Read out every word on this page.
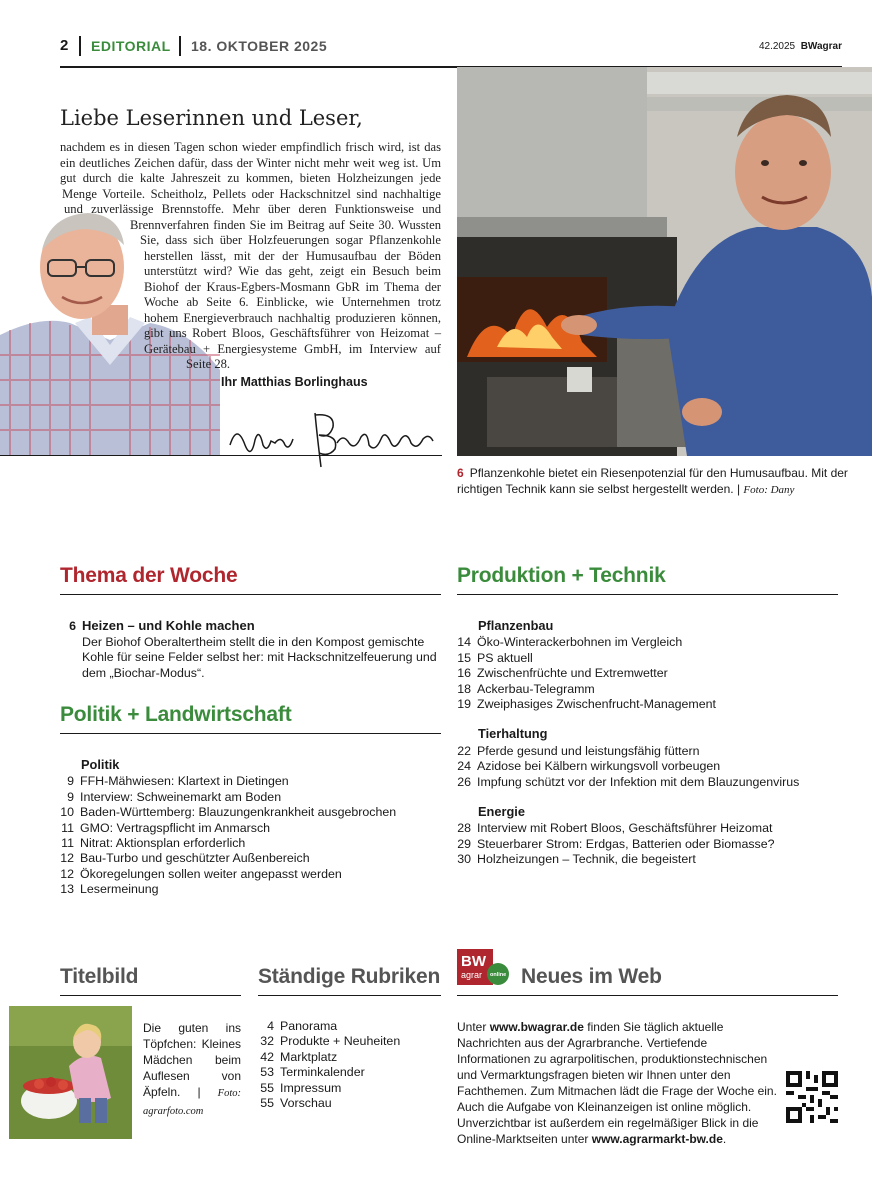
2 EDITORIAL 18. OKTOBER 2025	42.2025 BWagrar
Liebe Leserinnen und Leser,
nachdem es in diesen Tagen schon wieder empfindlich frisch wird, ist das ein deutliches Zeichen dafür, dass der Winter nicht mehr weit weg ist. Um gut durch die kalte Jahreszeit zu kommen, bieten Holzheizungen jede Menge Vorteile. Scheitholz, Pellets oder Hackschnitzel sind nachhaltige und zuverlässige Brennstoffe. Mehr über deren Funktionsweise und Brennverfahren finden Sie im Beitrag auf Seite 30. Wussten Sie, dass sich über Holzfeuerungen sogar Pflanzenkohle herstellen lässt, mit der der Humusaufbau der Böden unterstützt wird? Wie das geht, zeigt ein Besuch beim Biohof der Kraus-Egbers-Mosmann GbR im Thema der Woche ab Seite 6. Einblicke, wie Unternehmen trotz hohem Energieverbrauch nachhaltig produzieren können, gibt uns Robert Bloos, Geschäftsführer von Heizomat – Gerätebau + Energiesysteme GmbH, im Interview auf Seite 28.
Ihr Matthias Borlinghaus
6 Pflanzenkohle bietet ein Riesenpotenzial für den Humusaufbau. Mit der richtigen Technik kann sie selbst hergestellt werden. | Foto: Dany
Thema der Woche
6 Heizen – und Kohle machen
Der Biohof Oberaltertheim stellt die in den Kompost gemischte Kohle für seine Felder selbst her: mit Hackschnitzelfeuerung und dem „Biochar-Modus“.
Politik + Landwirtschaft
Politik
9 FFH-Mähwiesen: Klartext in Dietingen
9 Interview: Schweinemarkt am Boden
10 Baden-Württemberg: Blauzungenkrankheit ausgebrochen
11 GMO: Vertragspflicht im Anmarsch
11 Nitrat: Aktionsplan erforderlich
12 Bau-Turbo und geschützter Außenbereich
12 Ökoregelungen sollen weiter angepasst werden
13 Lesermeinung
Produktion + Technik
Pflanzenbau
14 Öko-Winterackerbohnen im Vergleich
15 PS aktuell
16 Zwischenfrüchte und Extremwetter
18 Ackerbau-Telegramm
19 Zweiphasiges Zwischenfrucht-Management
Tierhaltung
22 Pferde gesund und leistungsfähig füttern
24 Azidose bei Kälbern wirkungsvoll vorbeugen
26 Impfung schützt vor der Infektion mit dem Blauzungenvirus
Energie
28 Interview mit Robert Bloos, Geschäftsführer Heizomat
29 Steuerbarer Strom: Erdgas, Batterien oder Biomasse?
30 Holzheizungen – Technik, die begeistert
Titelbild
Die guten ins Töpfchen: Kleines Mädchen beim Auflesen von Äpfeln. | Foto: agrarfoto.com
Ständige Rubriken
4 Panorama
32 Produkte + Neuheiten
42 Marktplatz
53 Terminkalender
55 Impressum
55 Vorschau
BW
agrar online Neues im Web
Unter www.bwagrar.de finden Sie täglich aktuelle Nachrichten aus der Agrarbranche. Vertiefende Informationen zu agrarpolitischen, produktionstechnischen und Vermarktungsfragen bieten wir Ihnen unter den Fachthemen. Zum Mitmachen lädt die Frage der Woche ein. Auch die Aufgabe von Kleinanzeigen ist online möglich. Unverzichtbar ist außerdem ein regelmäßiger Blick in die Online-Marktseiten unter www.agrarmarkt-bw.de.
